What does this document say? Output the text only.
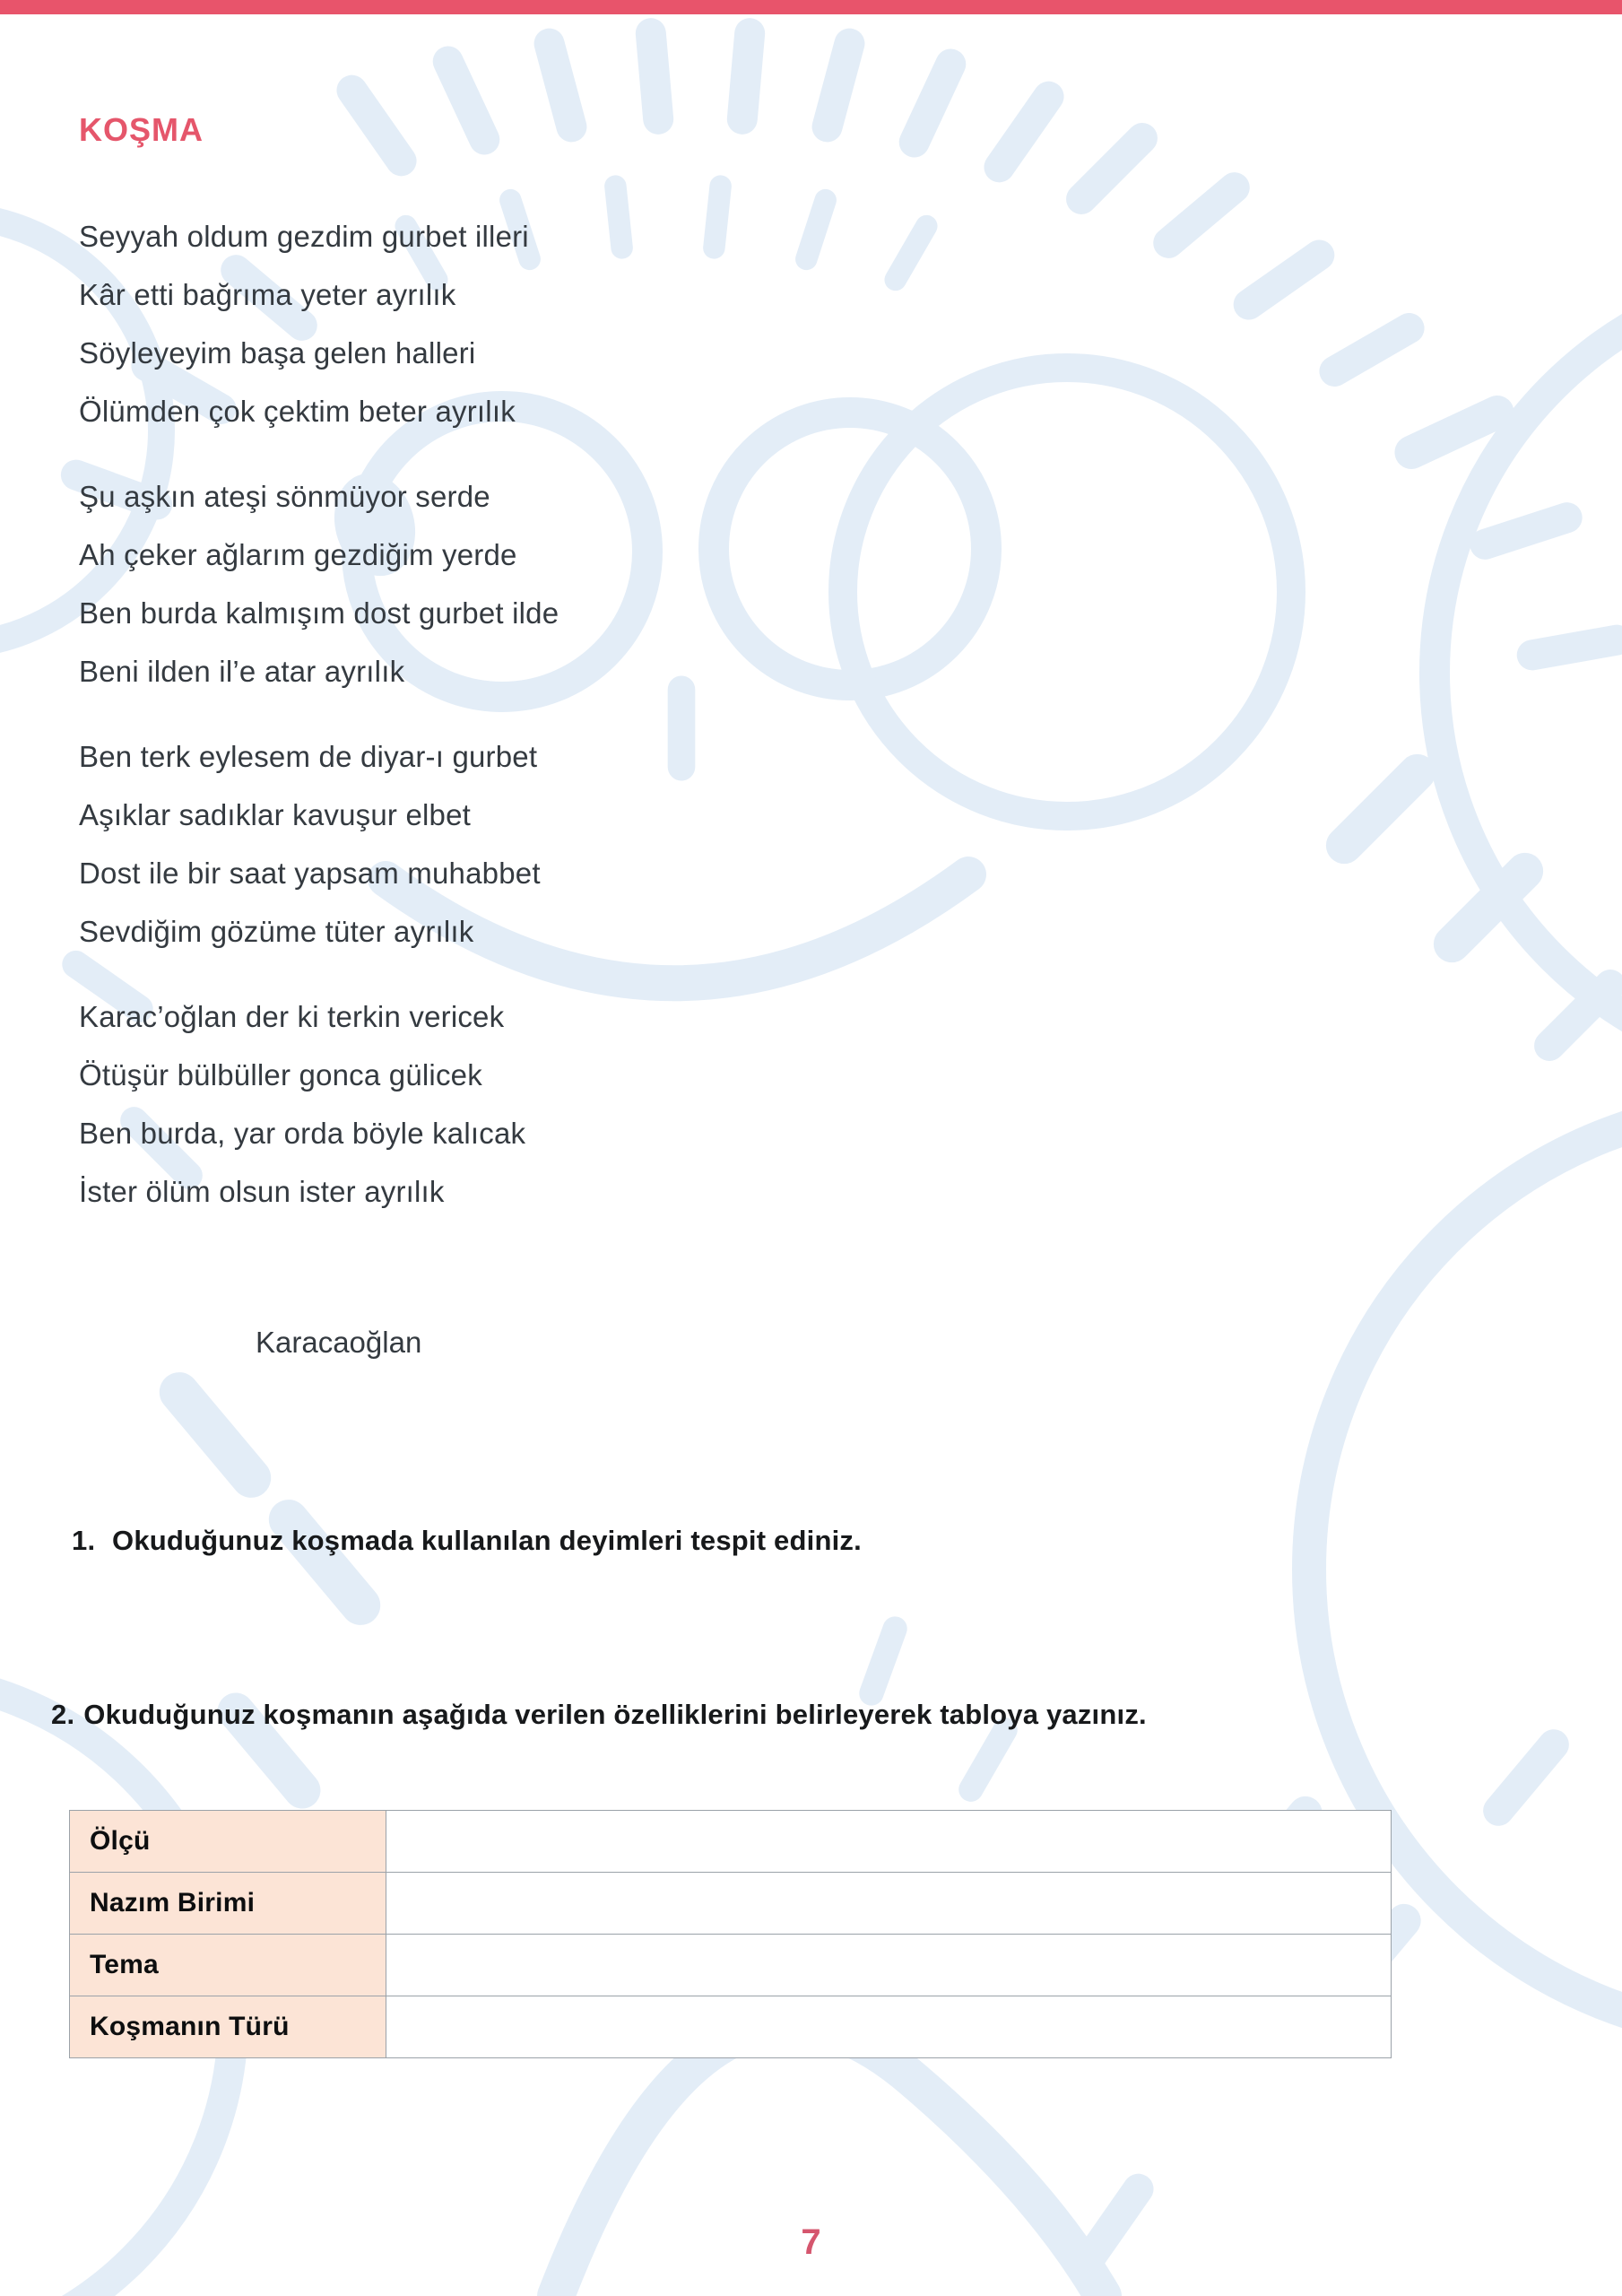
KOŞMA
Seyyah oldum gezdim gurbet illeri
Kâr etti bağrıma yeter ayrılık
Söyleyeyim başa gelen halleri
Ölümden çok çektim beter ayrılık
Şu aşkın ateşi sönmüyor serde
Ah çeker ağlarım gezdiğim yerde
Ben burda kalmışım dost gurbet ilde
Beni ilden il’e atar ayrılık
Ben terk eylesem de diyar-ı gurbet
Aşıklar sadıklar kavuşur elbet
Dost ile bir saat yapsam muhabbet
Sevdiğim gözüme tüter ayrılık
Karac’oğlan der ki terkin vericek
Ötüşür bülbüller gonca gülicek
Ben burda, yar orda böyle kalıcak
İster ölüm olsun ister ayrılık
Karacaoğlan
1. Okuduğunuz koşmada kullanılan deyimleri tespit ediniz.
2. Okuduğunuz koşmanın aşağıda verilen özelliklerini belirleyerek tabloya yazınız.
Ölçü	
Nazım Birimi	
Tema	
Koşmanın Türü	
7
